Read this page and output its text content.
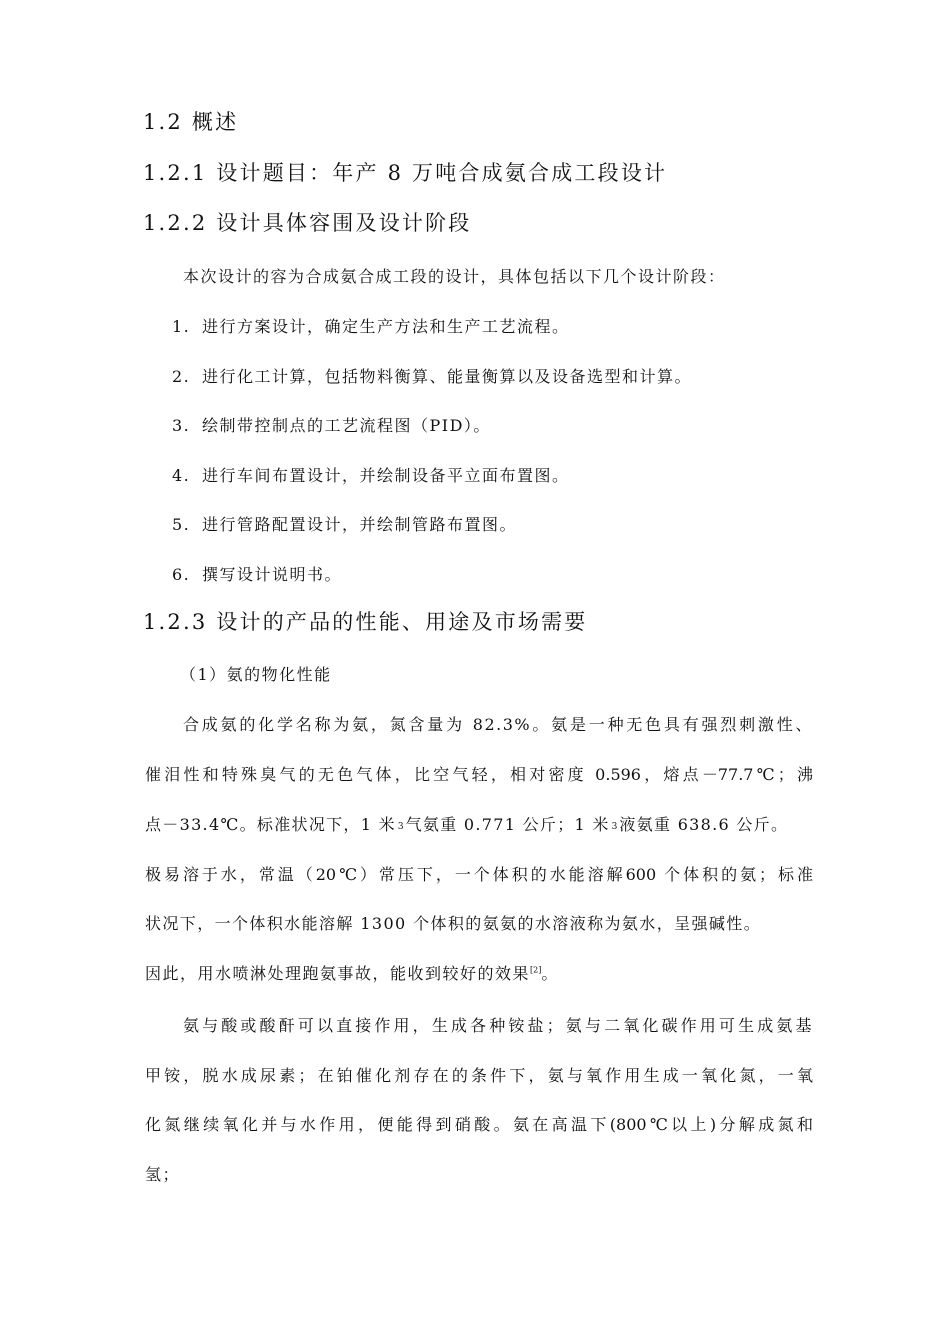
1.2 概述
1.2.1 设计题目：年产 8 万吨合成氨合成工段设计
1.2.2 设计具体容围及设计阶段
本次设计的容为合成氨合成工段的设计，具体包括以下几个设计阶段：
1. 进行方案设计，确定生产方法和生产工艺流程。
2. 进行化工计算，包括物料衡算、能量衡算以及设备选型和计算。
3. 绘制带控制点的工艺流程图（PID）。
4. 进行车间布置设计，并绘制设备平立面布置图。
5. 进行管路配置设计，并绘制管路布置图。
6. 撰写设计说明书。
1.2.3 设计的产品的性能、用途及市场需要
（1）氨的物化性能
合成氨的化学名称为氨，氮含量为 82.3%。氨是一种无色具有强烈刺激性、
催泪性和特殊臭气的无色气体，比空气轻，相对密度 0.596，熔点－77.7℃；沸
点－33.4℃。标准状况下，1 米 $^3$ 气氨重 0.771 公斤；1 米 $^3$ 液氨重 638.6 公斤。
极易溶于水，常温（20℃）常压下，一个体积的水能溶解600 个体积的氨；标准
状况下，一个体积水能溶解 1300 个体积的氨氨的水溶液称为氨水，呈强碱性。
因此，用水喷淋处理跑氨事故，能收到较好的效果[2]。
氨与酸或酸酐可以直接作用，生成各种铵盐；氨与二氧化碳作用可生成氨基
甲铵，脱水成尿素；在铂催化剂存在的条件下，氨与氧作用生成一氧化氮，一氧
化氮继续氧化并与水作用，便能得到硝酸。氨在高温下(800℃以上)分解成氮和
氢；
